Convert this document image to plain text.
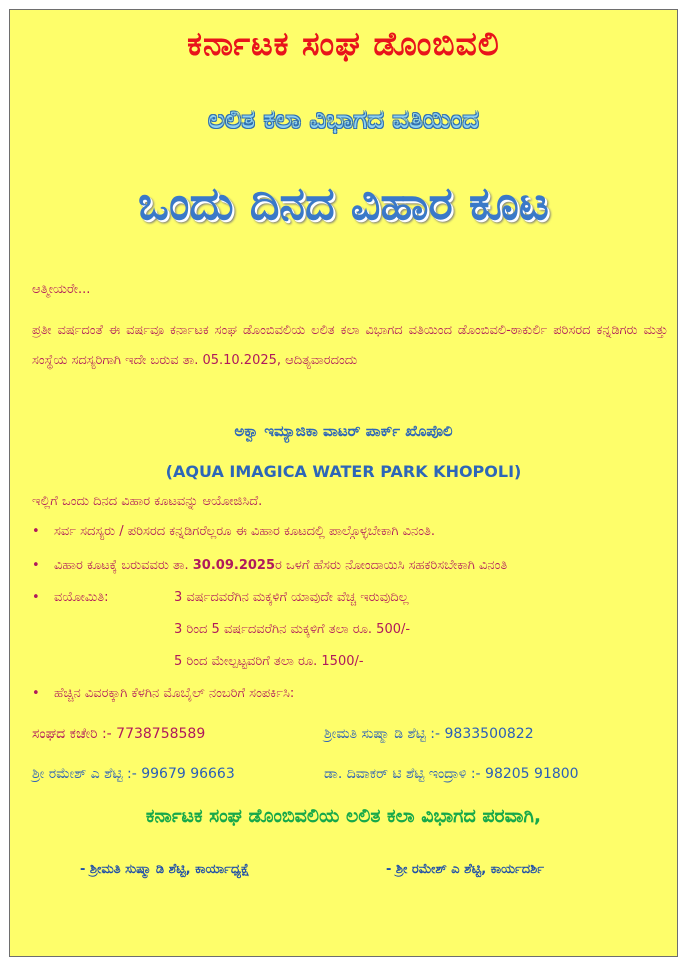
ಕರ್ನಾಟಕ ಸಂಘ ಡೊಂಬಿವಲಿ
ಲಲಿತ ಕಲಾ ವಿಭಾಗದ ವತಿಯಿಂದ
ಒಂದು ದಿನದ ವಿಹಾರ ಕೂಟ
ಆತ್ಮೀಯರೇ...

ಪ್ರತೀ ವರ್ಷದಂತೆ ಈ ವರ್ಷವೂ ಕರ್ನಾಟಕ ಸಂಘ ಡೊಂಬಿವಲಿಯ ಲಲಿತ ಕಲಾ ವಿಭಾಗದ ವತಿಯಿಂದ ಡೊಂಬಿವಲಿ-ಠಾಕುರ್ಲಿ ಪರಿಸರದ ಕನ್ನಡಿಗರು ಮತ್ತು ಸಂಸ್ಥೆಯ ಸದಸ್ಯರಿಗಾಗಿ ಇದೇ ಬರುವ ತಾ. 05.10.2025, ಆದಿತ್ಯವಾರದಂದು

ಅಕ್ವಾ ಇಮ್ಯಾಜಿಕಾ ವಾಟರ್ ಪಾರ್ಕ್ ಖೊಪೊಲಿ
(AQUA IMAGICA WATER PARK KHOPOLI)
ಇಲ್ಲಿಗೆ ಒಂದು ದಿನದ ವಿಹಾರ ಕೂಟವನ್ನು ಆಯೋಜಿಸಿದೆ.
• ಸರ್ವ ಸದಸ್ಯರು / ಪರಿಸರದ ಕನ್ನಡಿಗರೆಲ್ಲರೂ ಈ ವಿಹಾರ ಕೂಟದಲ್ಲಿ ಪಾಲ್ಗೊಳ್ಳಬೇಕಾಗಿ ವಿನಂತಿ.
• ವಿಹಾರ ಕೂಟಕ್ಕೆ ಬರುವವರು ತಾ. 30.09.2025ರ ಒಳಗೆ ಹೆಸರು ನೋಂದಾಯಿಸಿ ಸಹಕರಿಸಬೇಕಾಗಿ ವಿನಂತಿ
• ವಯೋಮಿತಿ:	3 ವರ್ಷದವರೆಗಿನ ಮಕ್ಕಳಿಗೆ ಯಾವುದೇ ವೆಚ್ಚ ಇರುವುದಿಲ್ಲ
3 ರಿಂದ 5 ವರ್ಷದವರೆಗಿನ ಮಕ್ಕಳಿಗೆ ತಲಾ ರೂ. 500/-
5 ರಿಂದ ಮೇಲ್ಪಟ್ಟವರಿಗೆ ತಲಾ ರೂ. 1500/-
• ಹೆಚ್ಚಿನ ವಿವರಕ್ಕಾಗಿ ಕೆಳಗಿನ ಮೊಬೈಲ್ ನಂಬರಿಗೆ ಸಂಪರ್ಕಿಸಿ:
ಸಂಘದ ಕಚೇರಿ :- 7738758589	ಶ್ರೀಮತಿ ಸುಷ್ಮಾ ಡಿ ಶೆಟ್ಟಿ :- 9833500822
ಶ್ರೀ ರಮೇಶ್ ಎ ಶೆಟ್ಟಿ :- 99679 96663	ಡಾ. ದಿವಾಕರ್ ಟಿ ಶೆಟ್ಟಿ ಇಂದ್ರಾಳಿ :- 98205 91800
ಕರ್ನಾಟಕ ಸಂಘ ಡೊಂಬಿವಲಿಯ ಲಲಿತ ಕಲಾ ವಿಭಾಗದ ಪರವಾಗಿ,
- ಶ್ರೀಮತಿ ಸುಷ್ಮಾ ಡಿ ಶೆಟ್ಟಿ, ಕಾರ್ಯಾಧ್ಯಕ್ಷೆ	- ಶ್ರೀ ರಮೇಶ್ ಎ ಶೆಟ್ಟಿ, ಕಾರ್ಯದರ್ಶಿ
